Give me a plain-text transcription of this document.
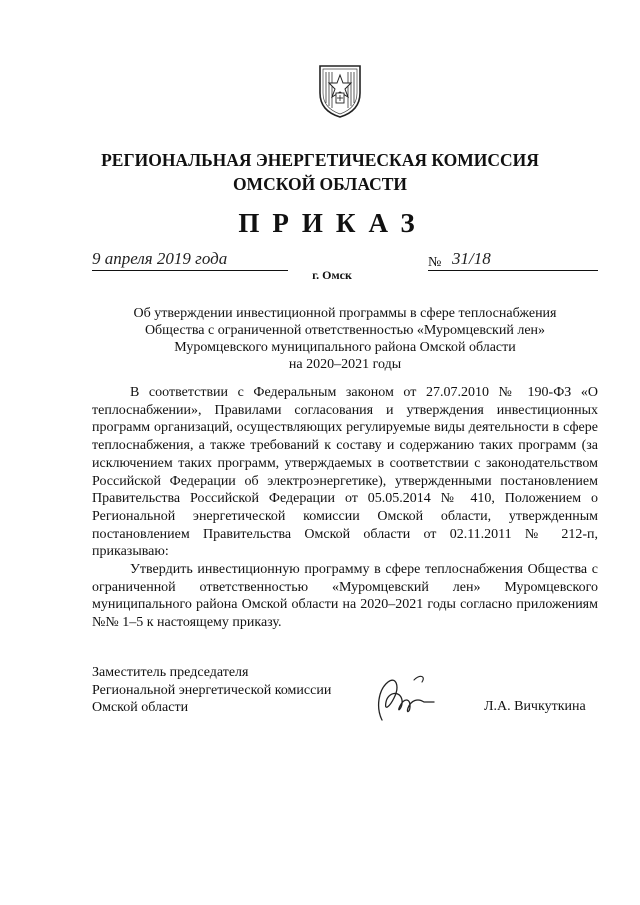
РЕГИОНАЛЬНАЯ ЭНЕРГЕТИЧЕСКАЯ КОМИССИЯ
ОМСКОЙ ОБЛАСТИ
ПРИКАЗ
9 апреля 2019 года	№ 31/18
г. Омск
Об утверждении инвестиционной программы в сфере теплоснабжения
Общества с ограниченной ответственностью «Муромцевский лен»
Муромцевского муниципального района Омской области
на 2020–2021 годы

В соответствии с Федеральным законом от 27.07.2010 № 190-ФЗ «О теплоснабжении», Правилами согласования и утверждения инвестиционных программ организаций, осуществляющих регулируемые виды деятельности в сфере теплоснабжения, а также требований к составу и содержанию таких программ (за исключением таких программ, утверждаемых в соответствии с законодательством Российской Федерации об электроэнергетике), утвержденными постановлением Правительства Российской Федерации от 05.05.2014 № 410, Положением о Региональной энергетической комиссии Омской области, утвержденным постановлением Правительства Омской области от 02.11.2011 № 212-п, приказываю:

Утвердить инвестиционную программу в сфере теплоснабжения Общества с ограниченной ответственностью «Муромцевский лен» Муромцевского муниципального района Омской области на 2020–2021 годы согласно приложениям №№ 1–5 к настоящему приказу.

Заместитель председателя
Региональной энергетической комиссии
Омской области	Л.А. Вичкуткина
